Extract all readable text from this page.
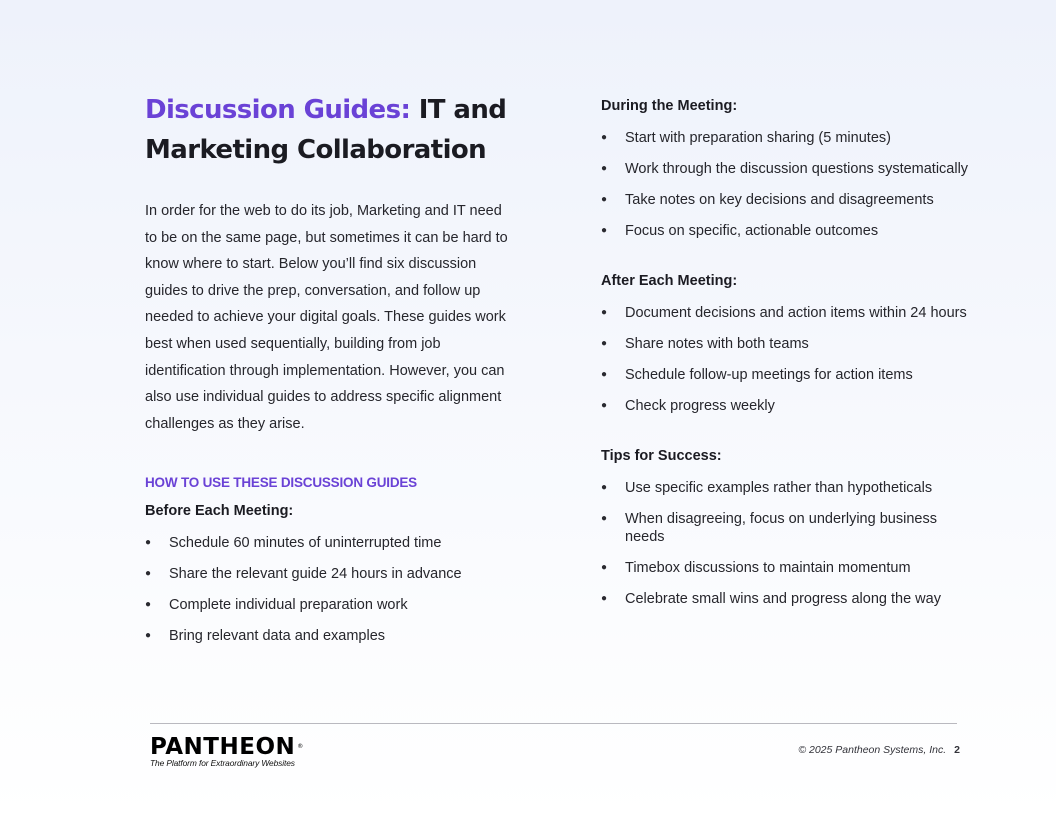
Discussion Guides: IT and Marketing Collaboration

In order for the web to do its job, Marketing and IT need to be on the same page, but sometimes it can be hard to know where to start. Below you’ll find six discussion guides to drive the prep, conversation, and follow up needed to achieve your digital goals. These guides work best when used sequentially, building from job identification through implementation. However, you can also use individual guides to address specific alignment challenges as they arise.

HOW TO USE THESE DISCUSSION GUIDES
Before Each Meeting:
● Schedule 60 minutes of uninterrupted time
● Share the relevant guide 24 hours in advance
● Complete individual preparation work
● Bring relevant data and examples
During the Meeting:
● Start with preparation sharing (5 minutes)
● Work through the discussion questions systematically
● Take notes on key decisions and disagreements
● Focus on specific, actionable outcomes
After Each Meeting:
● Document decisions and action items within 24 hours
● Share notes with both teams
● Schedule follow-up meetings for action items
● Check progress weekly
Tips for Success:
● Use specific examples rather than hypotheticals
● When disagreeing, focus on underlying business needs
● Timebox discussions to maintain momentum
● Celebrate small wins and progress along the way
PANTHEON ®
The Platform for Extraordinary Websites
© 2025 Pantheon Systems, Inc. 2
